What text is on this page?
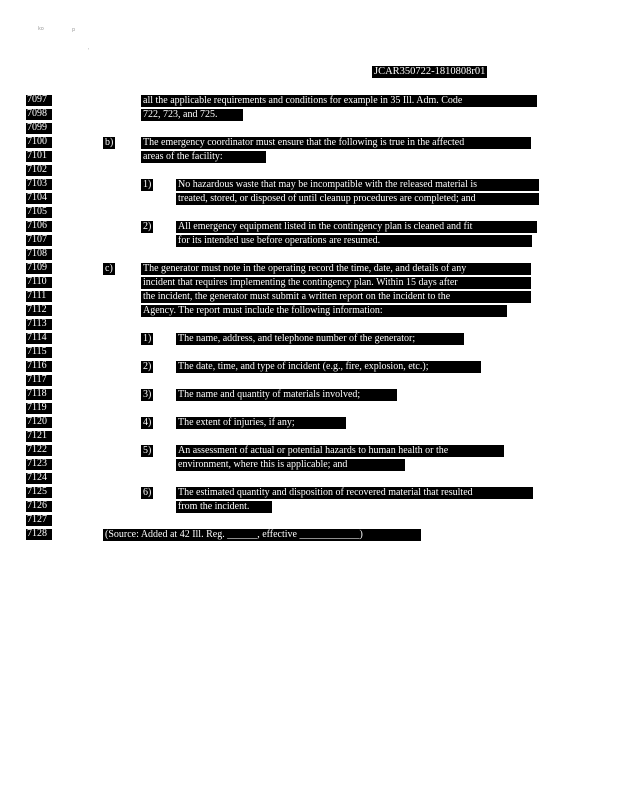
ko	p
'
JCAR350722-1810808r01
7097
7098
7099
7100
7101
7102
7103
7104
7105
7106
7107
7108
7109
7110
7111
7112
7113
7114
7115
7116
7117
7118
7119
7120
7121
7122
7123
7124
7125
7126
7127
7128
all the applicable requirements and conditions for example in 35 Ill. Adm. Code
722, 723, and 725.
b)	The emergency coordinator must ensure that the following is true in the affected
areas of the facility:
1)	No hazardous waste that may be incompatible with the released material is
treated, stored, or disposed of until cleanup procedures are completed; and
2)	All emergency equipment listed in the contingency plan is cleaned and fit
for its intended use before operations are resumed.
c)	The generator must note in the operating record the time, date, and details of any
incident that requires implementing the contingency plan. Within 15 days after
the incident, the generator must submit a written report on the incident to the
Agency. The report must include the following information:
1)	The name, address, and telephone number of the generator;
2)	The date, time, and type of incident (e.g., fire, explosion, etc.);
3)	The name and quantity of materials involved;
4)	The extent of injuries, if any;
5)	An assessment of actual or potential hazards to human health or the
environment, where this is applicable; and
6)	The estimated quantity and disposition of recovered material that resulted
from the incident.
(Source: Added at 42 Ill. Reg. ______, effective ____________)
